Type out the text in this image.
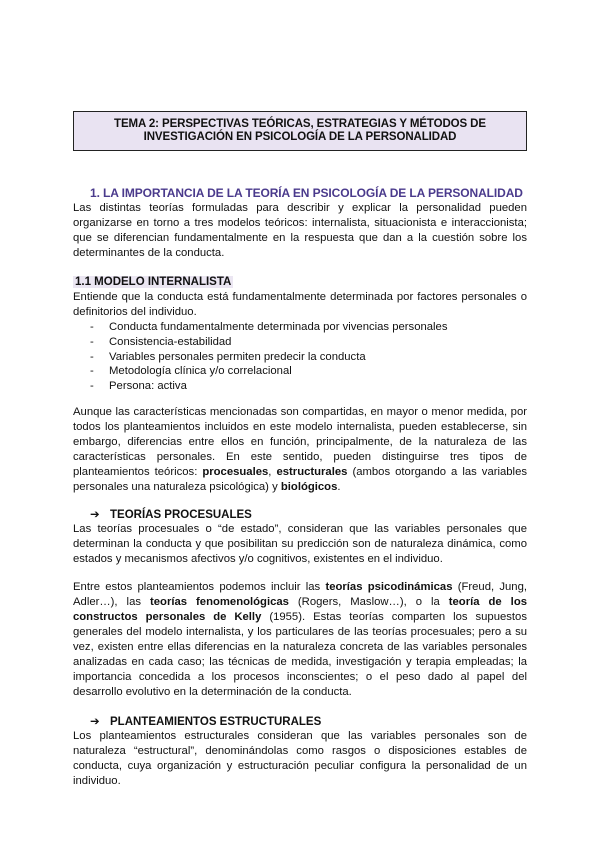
TEMA 2: PERSPECTIVAS TEÓRICAS, ESTRATEGIAS Y MÉTODOS DE
INVESTIGACIÓN EN PSICOLOGÍA DE LA PERSONALIDAD
1. LA IMPORTANCIA DE LA TEORÍA EN PSICOLOGÍA DE LA PERSONALIDAD

Las distintas teorías formuladas para describir y explicar la personalidad pueden organizarse en torno a tres modelos teóricos: internalista, situacionista e interaccionista; que se diferencian fundamentalmente en la respuesta que dan a la cuestión sobre los determinantes de la conducta.

1.1 MODELO INTERNALISTA

Entiende que la conducta está fundamentalmente determinada por factores personales o definitorios del individuo.

- Conducta fundamentalmente determinada por vivencias personales
- Consistencia-estabilidad
- Variables personales permiten predecir la conducta
- Metodología clínica y/o correlacional
- Persona: activa

Aunque las características mencionadas son compartidas, en mayor o menor medida, por todos los planteamientos incluidos en este modelo internalista, pueden establecerse, sin embargo, diferencias entre ellos en función, principalmente, de la naturaleza de las características personales. En este sentido, pueden distinguirse tres tipos de planteamientos teóricos: procesuales, estructurales (ambos otorgando a las variables personales una naturaleza psicológica) y biológicos.

➔ TEORÍAS PROCESUALES

Las teorías procesuales o “de estado”, consideran que las variables personales que determinan la conducta y que posibilitan su predicción son de naturaleza dinámica, como estados y mecanismos afectivos y/o cognitivos, existentes en el individuo.

Entre estos planteamientos podemos incluir las teorías psicodinámicas (Freud, Jung, Adler…), las teorías fenomenológicas (Rogers, Maslow…), o la teoría de los constructos personales de Kelly (1955). Estas teorías comparten los supuestos generales del modelo internalista, y los particulares de las teorías procesuales; pero a su vez, existen entre ellas diferencias en la naturaleza concreta de las variables personales analizadas en cada caso; las técnicas de medida, investigación y terapia empleadas; la importancia concedida a los procesos inconscientes; o el peso dado al papel del desarrollo evolutivo en la determinación de la conducta.

➔ PLANTEAMIENTOS ESTRUCTURALES

Los planteamientos estructurales consideran que las variables personales son de naturaleza “estructural”, denominándolas como rasgos o disposiciones estables de conducta, cuya organización y estructuración peculiar configura la personalidad de un individuo.
